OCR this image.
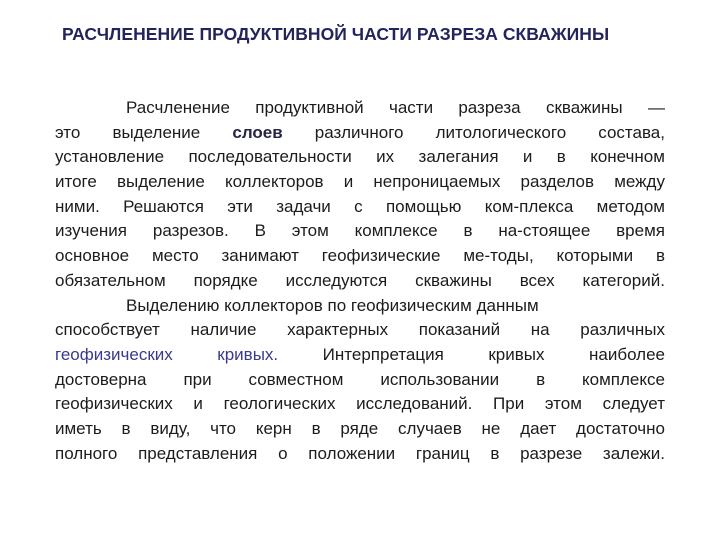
РАСЧЛЕНЕНИЕ ПРОДУКТИВНОЙ ЧАСТИ РАЗРЕЗА СКВАЖИНЫ
Расчленение продуктивной части разреза скважины —
это выделение слоев различного литологического состава,
установление последовательности их залегания и в конечном
итоге выделение коллекторов и непроницаемых разделов между
ними. Решаются эти задачи с помощью ком-плекса методом
изучения разрезов. В этом комплексе в на-стоящее время
основное место занимают геофизические ме-тоды, которыми в
обязательном порядке исследуются скважины всех категорий.
Выделению
коллекторов
по
геофизическим
данным
способствует наличие характерных показаний на различных
геофизических	кривых.	Интерпретация	кривых	наиболее
достоверна при совместном использовании в комплексе
геофизических и геологических исследований. При этом следует
иметь в виду, что керн в ряде случаев не дает достаточно
полного представления о положении границ в разрезе залежи.
